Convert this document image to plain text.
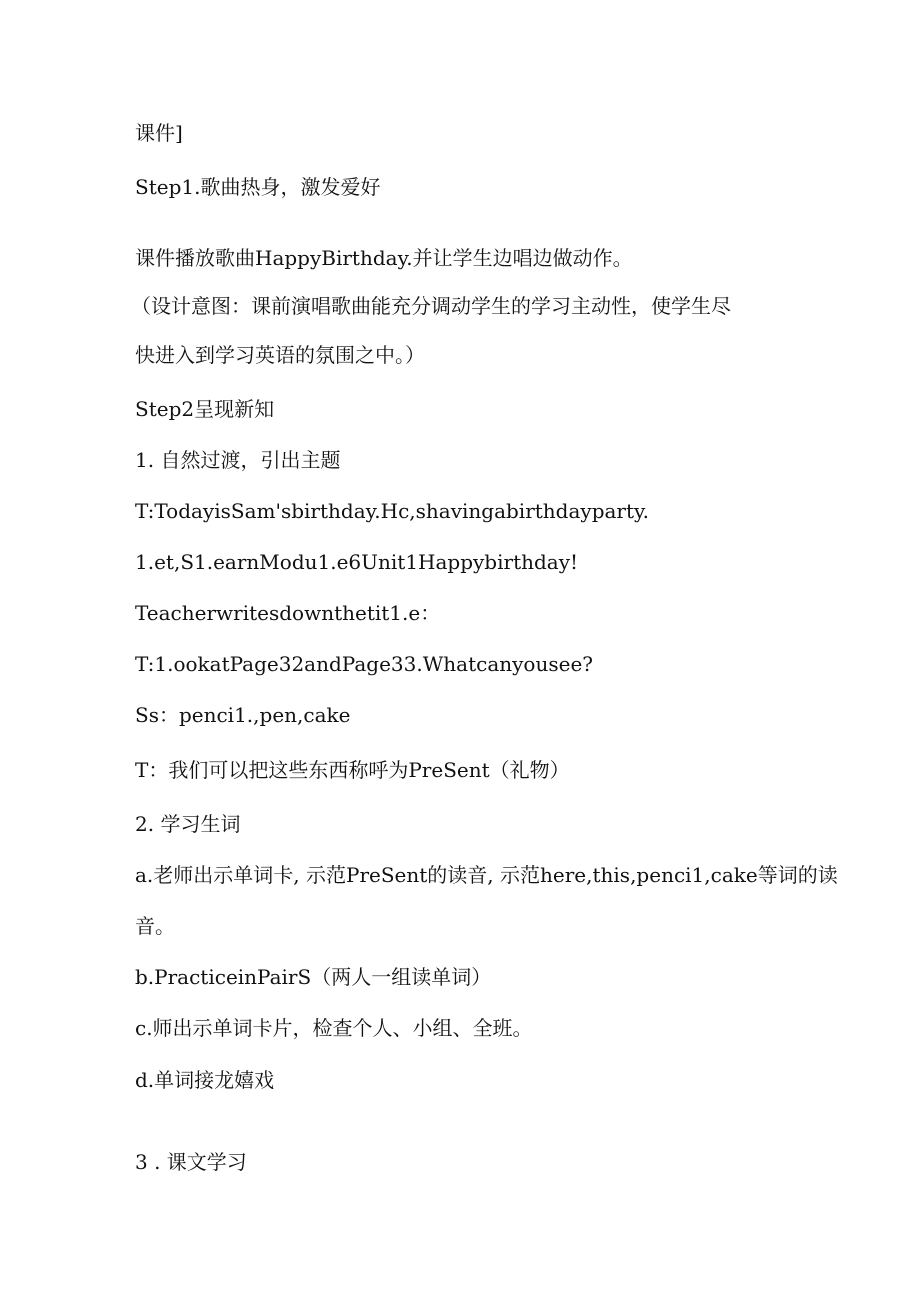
课件]
Step1.歌曲热身，激发爱好
课件播放歌曲HappyBirthday.并让学生边唱边做动作。
（设计意图：课前演唱歌曲能充分调动学生的学习主动性，使学生尽
快进入到学习英语的氛围之中。）
Step2呈现新知
1. 自然过渡，引出主题
T:TodayisSam'sbirthday.Hc,shavingabirthdayparty.
1.et,S1.earnModu1.e6Unit1Happybirthday!
Teacherwritesdownthetit1.e：
T:1.ookatPage32andPage33.Whatcanyousee?
Ss：penci1.,pen,cake
T：我们可以把这些东西称呼为PreSent（礼物）
2. 学习生词
a.老师出示单词卡, 示范PreSent的读音, 示范here,this,penci1,cake等词的读
音。
b.PracticeinPairS（两人一组读单词）
c.师出示单词卡片，检查个人、小组、全班。
d.单词接龙嬉戏
3 . 课文学习
